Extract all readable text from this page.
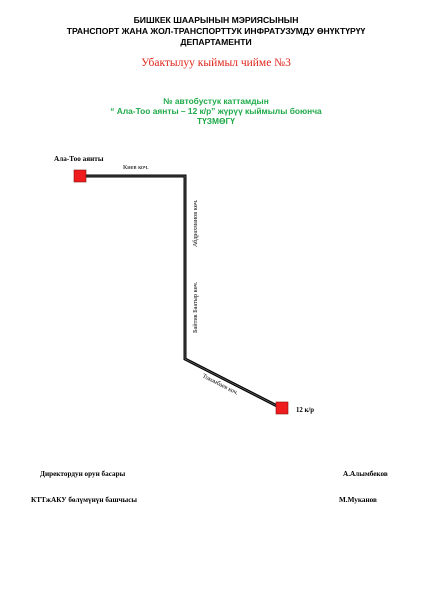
БИШКЕК ШААРЫНЫН МЭРИЯСЫНЫН
ТРАНСПОРТ ЖАНА ЖОЛ-ТРАНСПОРТТУК ИНФРАТУЗУМДУ ӨНҮКТҮРҮҮ
ДЕПАРТАМЕНТИ
Убактылуу кыймыл чиймe №3
№ автобустук каттамдын
“ Ала-Тоо аянты – 12 к/р” жүрүү кыймылы боюнча
ТҮЗМӨГҮ
Ала-Тоо аянты
12 к/р
Киев коч.
Абдрахманов көч.
Байтик Баатыр көч.
Токомбаев коч.
Директордун орун басары	А.Алымбеков
КТТжАКУ бөлүмүнүн башчысы	М.Муканов
